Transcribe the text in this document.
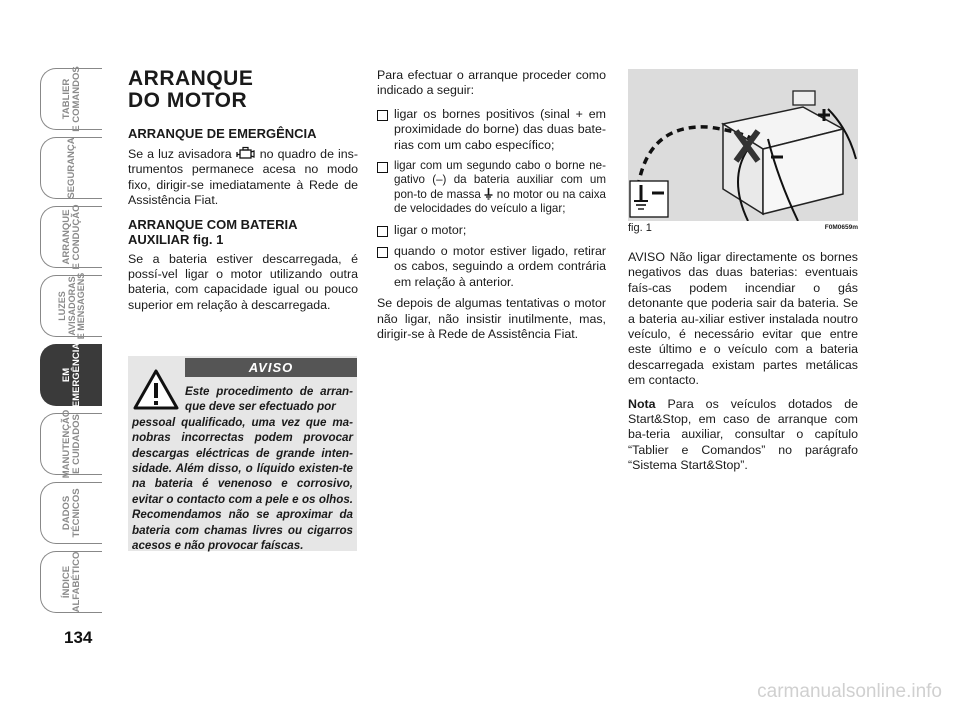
TABLIER
E COMANDOS
SEGURANÇA
ARRANQUE
E CONDUÇÃO
LUZES
AVISADORAS
E MENSAGENS
EM
EMERGÊNCIA
MANUTENÇÃO
E CUIDADOS
DADOS
TÉCNICOS
ÍNDICE
ALFABÉTICO
134
ARRANQUE
DO MOTOR
ARRANQUE DE EMERGÊNCIA

Se a luz avisadora no quadro de ins-trumentos permanece acesa no modo fixo, dirigir-se imediatamente à Rede de Assistência Fiat.

ARRANQUE COM BATERIA AUXILIAR fig. 1

Se a bateria estiver descarregada, é possí-vel ligar o motor utilizando outra bateria, com capacidade igual ou pouco superior em relação à descarregada.

AVISO
Este procedimento de arran-que deve ser efectuado por
pessoal qualificado, uma vez que ma-nobras incorrectas podem provocar descargas eléctricas de grande inten-sidade. Além disso, o líquido existen-te na bateria é venenoso e corrosivo, evitar o contacto com a pele e os olhos. Recomendamos não se aproximar da bateria com chamas livres ou cigarros acesos e não provocar faíscas.

Para efectuar o arranque proceder como indicado a seguir:

ligar os bornes positivos (sinal + em proximidade do borne) das duas bate-rias com um cabo específico;
ligar com um segundo cabo o borne ne-gativo (–) da bateria auxiliar com um pon-to de massa no motor ou na caixa de velocidades do veículo a ligar;
ligar o motor;
quando o motor estiver ligado, retirar os cabos, seguindo a ordem contrária em relação à anterior.

Se depois de algumas tentativas o motor não ligar, não insistir inutilmente, mas, dirigir-se à Rede de Assistência Fiat.

fig. 1	F0M0659m

AVISO Não ligar directamente os bornes negativos das duas baterias: eventuais faís-cas podem incendiar o gás detonante que poderia sair da bateria. Se a bateria au-xiliar estiver instalada noutro veículo, é necessário evitar que entre este último e o veículo com a bateria descarregada existam partes metálicas em contacto.

Nota Para os veículos dotados de Start&Stop, em caso de arranque com ba-teria auxiliar, consultar o capítulo “Tablier e Comandos” no parágrafo “Sistema Start&Stop”.

carmanualsonline.info
